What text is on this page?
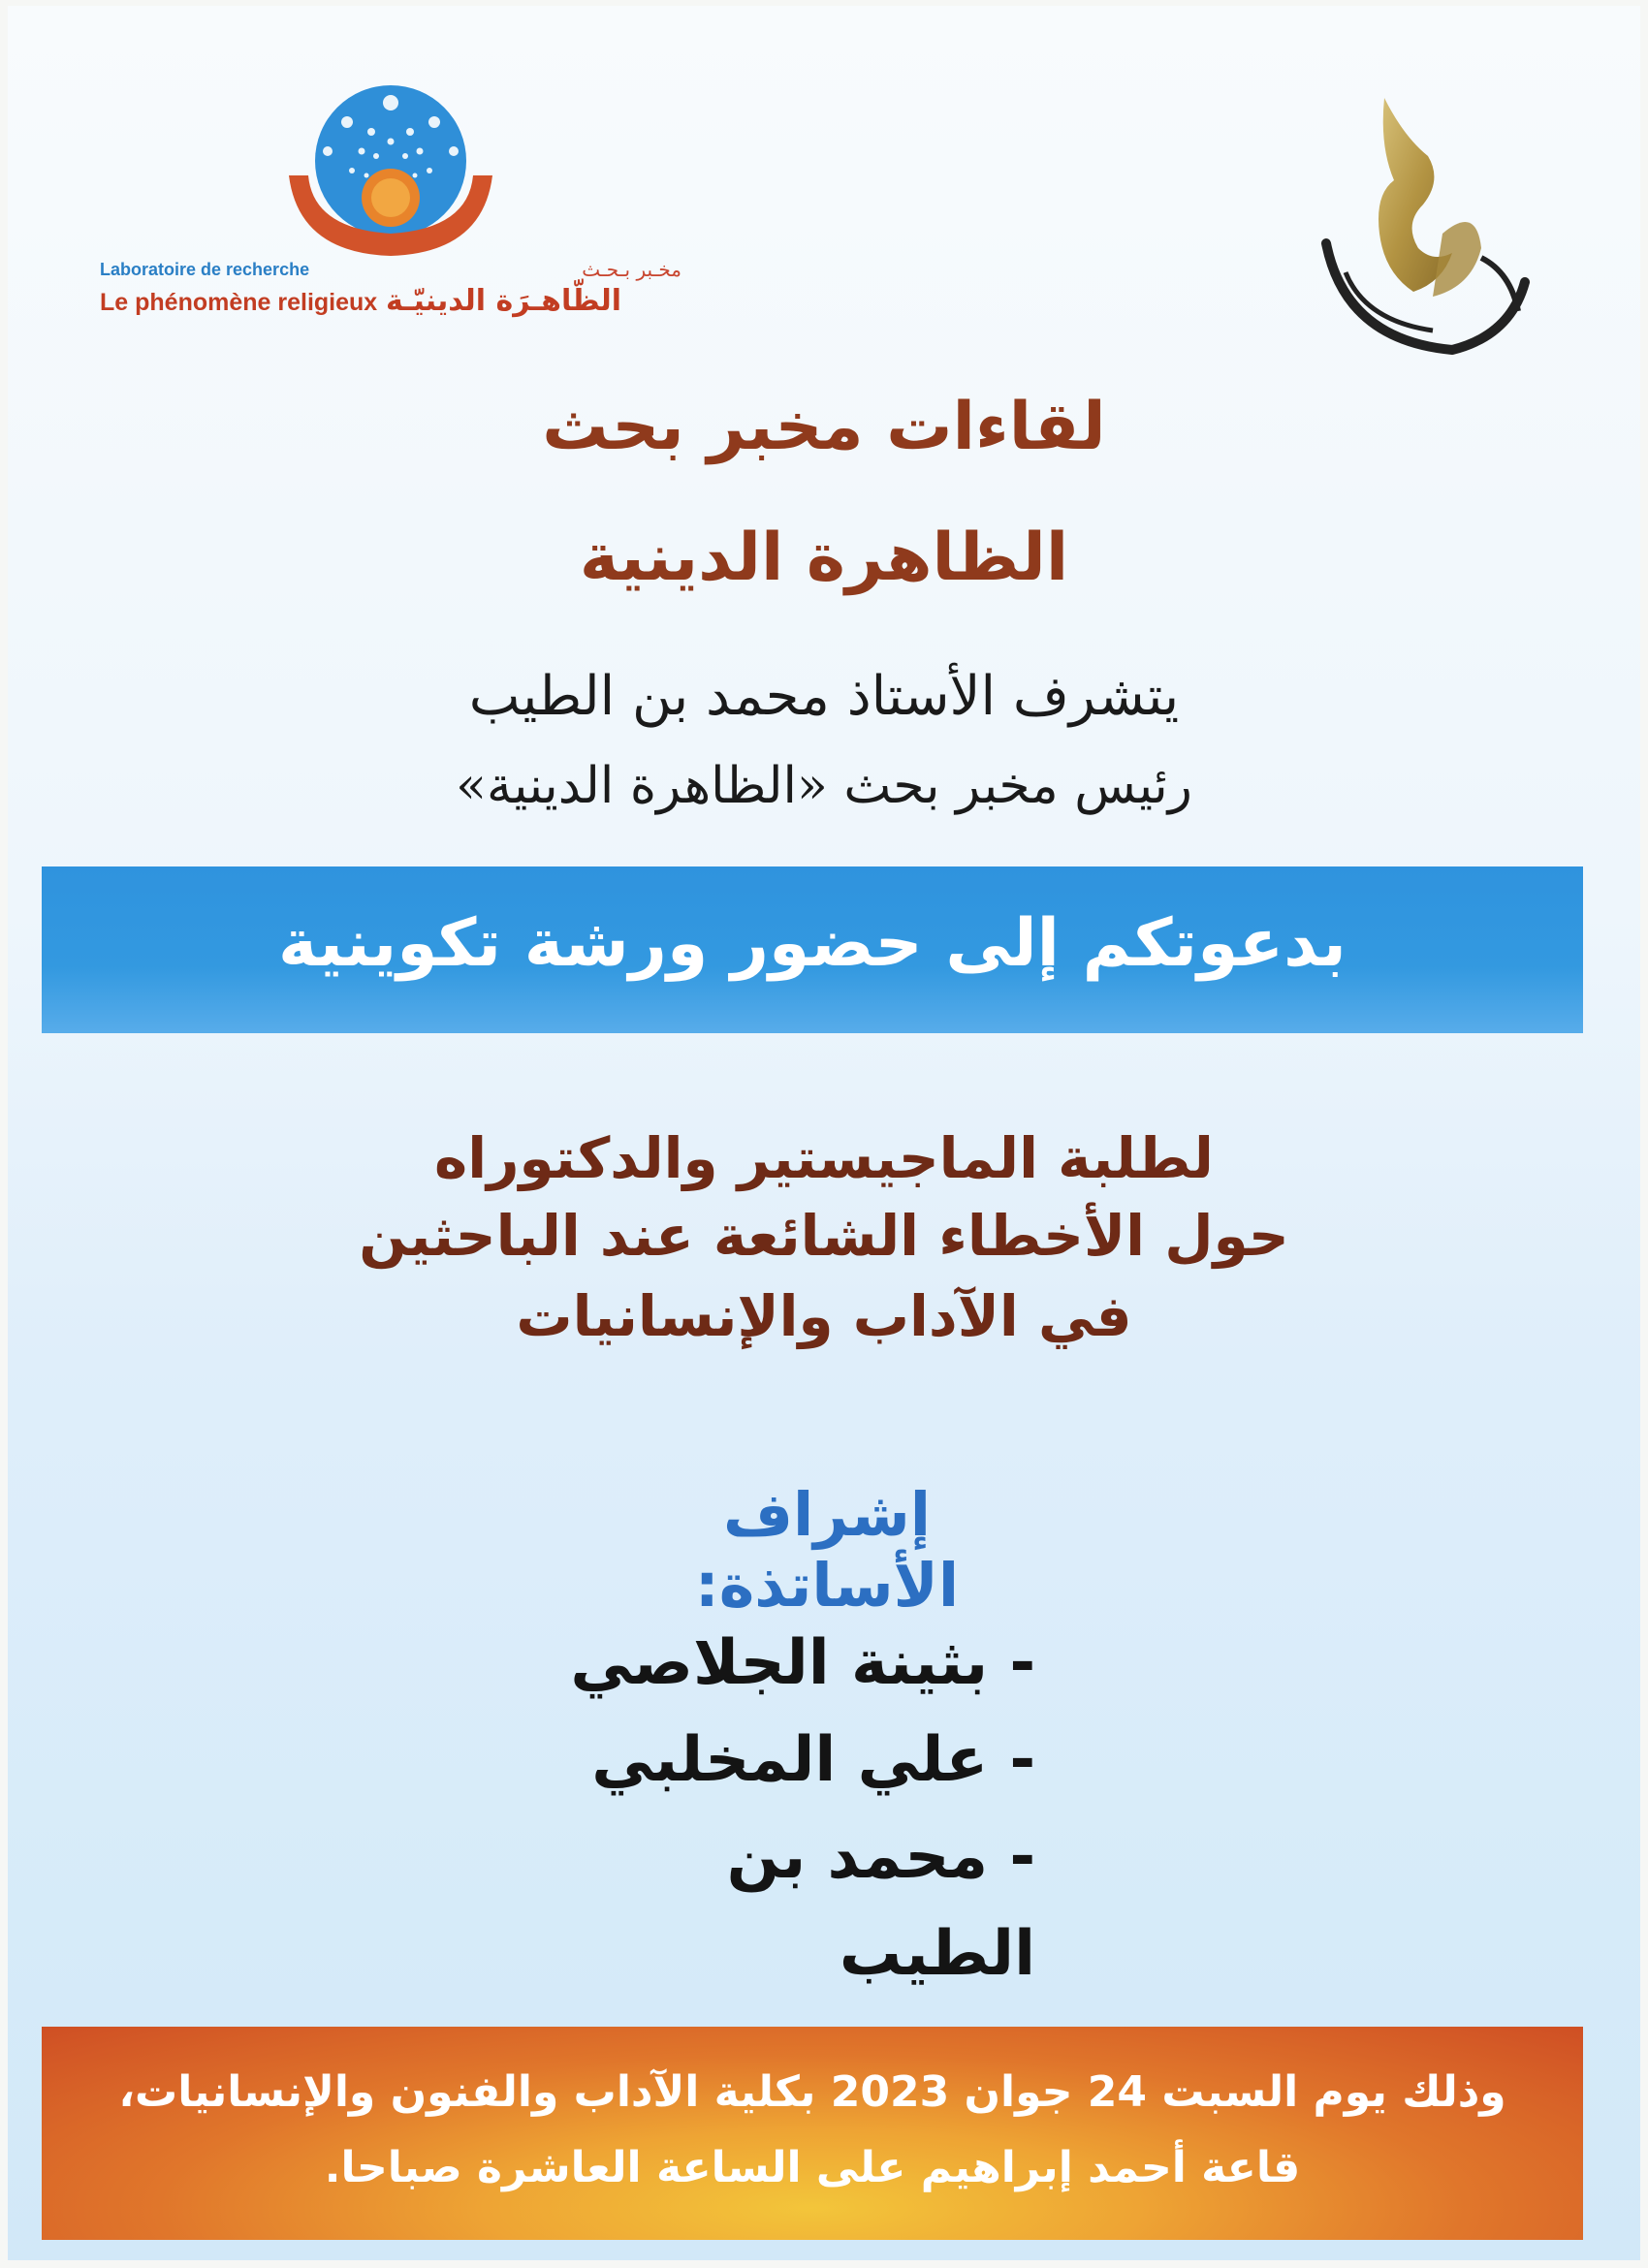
مخـبر بـحـث
Laboratoire de recherche
Le phénomène religieux الظّاهـرَة الدينيّـة
لقاءات مخبر بحث
الظاهرة الدينية
يتشرف الأستاذ محمد بن الطيب
رئيس مخبر بحث «الظاهرة الدينية»
بدعوتكم إلى حضور ورشة تكوينية
لطلبة الماجيستير والدكتوراه
حول الأخطاء الشائعة عند الباحثين
في الآداب والإنسانيات
إشراف الأساتذة:
- بثينة الجلاصي
- علي المخلبي
- محمد بن الطيب
وذلك يوم السبت 24 جوان 2023 بكلية الآداب والفنون والإنسانيات،
قاعة أحمد إبراهيم على الساعة العاشرة صباحا.
